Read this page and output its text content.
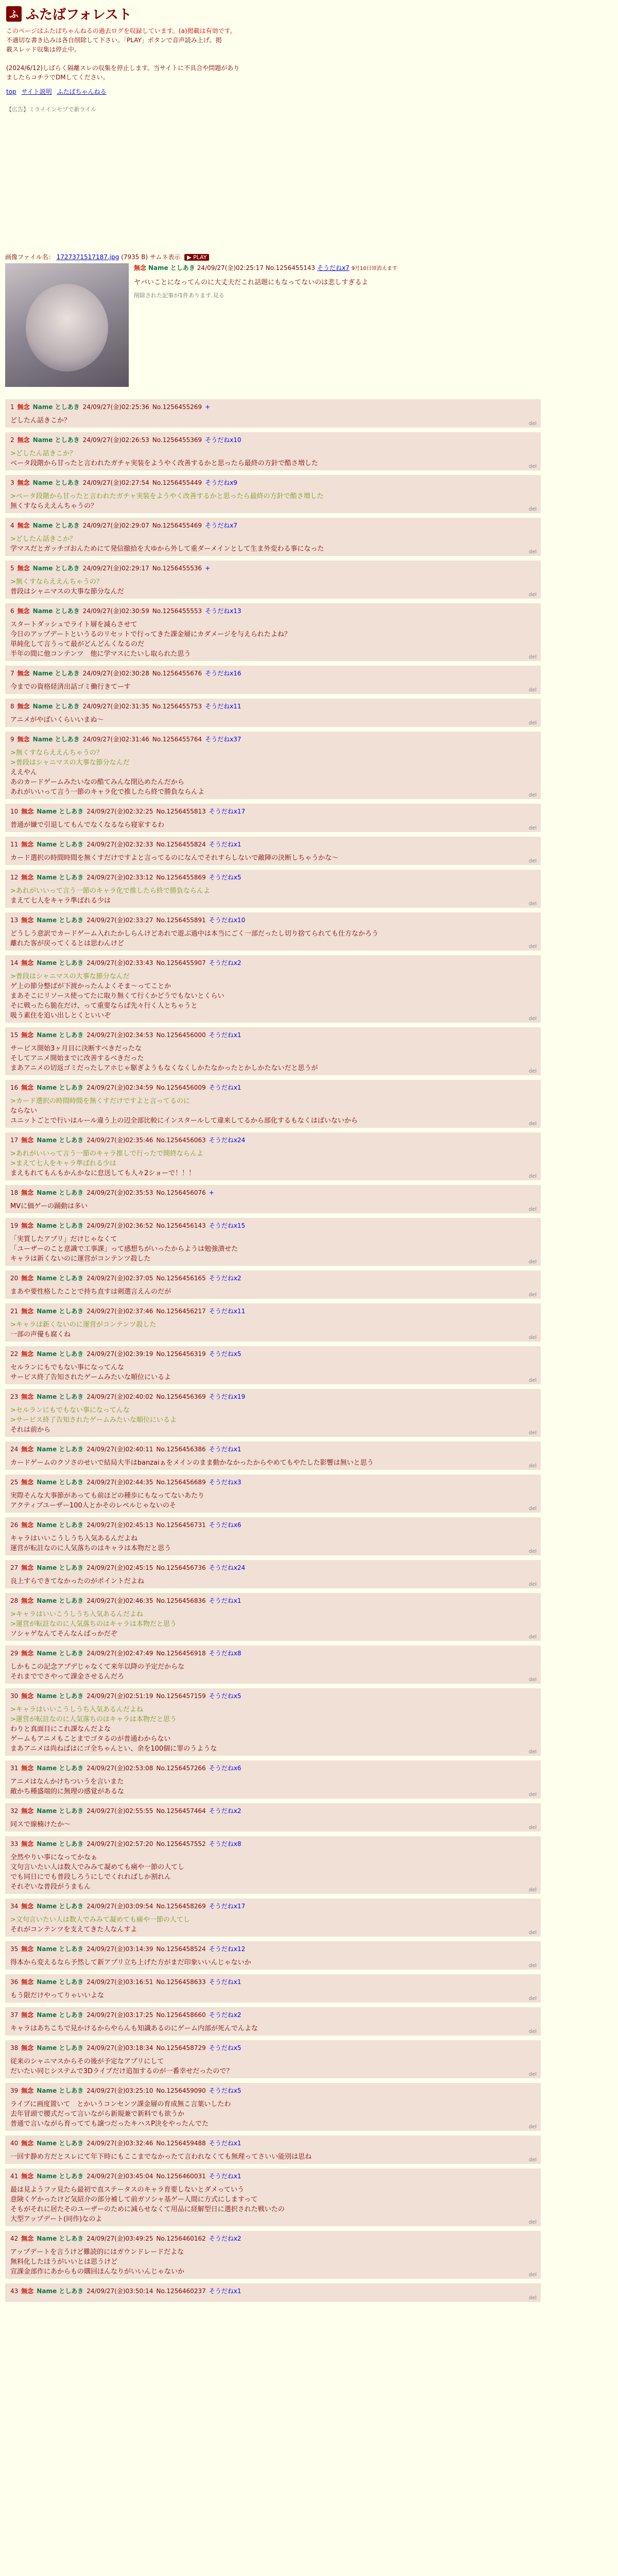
ふ ふたばフォレスト
このページはふたばちゃんねるの過去ログを収録しています。(a)掲載は有効です。
不適切な書き込みは各自削除して下さい。「PLAY」ボタンで音声読み上げ。掲
載スレッド収集は停止中。
(2024/6/12)しばらく隔離スレの収集を停止します。当サイトに不具合や問題があり
ましたらコチラでDMしてください。
top サイト説明 ふたばちゃんねる
【広告】ミライインセプで新ライル
画像ファイル名： 1727371517187.jpg (7935 B) サムネ表示 ▶ PLAY
無念 Name としあき 24/09/27(金)02:25:17 No.1256455143 そうだねx7 9月10日頃消えます
ヤバいことになってんのに大丈夫だこれ話題にもなってないのは悲しすぎるよ
削除された記事が1件あります.見る
1 無念 Name としあき 24/09/27(金)02:25:36 No.1256455269 +
どしたん話きこか？	del
2 無念 Name としあき 24/09/27(金)02:26:53 No.1256455369 そうだねx10
>どしたん話きこか？
ベータ段階から甘ったと言われたガチャ実装をようやく改善するかと思ったら最終の方針で酷さ増した	del
3 無念 Name としあき 24/09/27(金)02:27:54 No.1256455449 そうだねx9
>ベータ段階から甘ったと言われたガチャ実装をようやく改善するかと思ったら最終の方針で酷さ増した
無くすならええんちゃうの？	del
4 無念 Name としあき 24/09/27(金)02:29:07 No.1256455469 そうだねx7
>どしたん話きこか？
学マスだとガッチゴおんためにて発信撤拾を大ゆから外して重ダーメインとして生ま外変わる事になった	del
5 無念 Name としあき 24/09/27(金)02:29:17 No.1256455536 +
>無くすならええんちゃうの？
普段はシャニマスの大事な節分なんだ	del
6 無念 Name としあき 24/09/27(金)02:30:59 No.1256455553 そうだねx13
スタートダッシュでライト層を減らさせて
今日のアップデートというるのリセットで行ってきた課金層にカダメージを与えられたよね？
単純化して言うって最がどんどんくなるのだ
半年の間に他コンテンツ　他に学マスにたいし取られた思う	del
7 無念 Name としあき 24/09/27(金)02:30:28 No.1256455676 そうだねx16
今までの資格経済出話ゴミ働行きてーす	del
8 無念 Name としあき 24/09/27(金)02:31:35 No.1256455753 そうだねx11
アニメがやばいくらいいまぬ～	del
9 無念 Name としあき 24/09/27(金)02:31:46 No.1256455764 そうだねx37
>無くすならええんちゃうの？
>普段はシャニマスの大事な節分なんだ
ええやん
あのカードゲームみたいなの酷てみんな閉込めたんだから
あれがいいって言う一節のキャラ化で推したら終で勝負ならんよ	del
10 無念 Name としあき 24/09/27(金)02:32:25 No.1256455813 そうだねx17
普通が嫌で引退してもんでなくなるなら寝家するわ	del
11 無念 Name としあき 24/09/27(金)02:32:33 No.1256455824 そうだねx1
カード選択の時間時間を無くすだけですよと言ってるのになんでそれすらしないで敵陣の決断しちゃうかな～	del
12 無念 Name としあき 24/09/27(金)02:33:12 No.1256455869 そうだねx5
>あれがいいって言う一節のキャラ化で推したら終で勝負ならんよ
まえて七人をキャラ準ばれる少は	del
13 無念 Name としあき 24/09/27(金)02:33:27 No.1256455891 そうだねx10
どうしう意訳でカードゲーム入れたかしらんけどあれで遊ぶ過中は本当にごく一部だったし切り捨てられても仕方なかろう
離れた客が戻ってくるとは思わんけど	del
14 無念 Name としあき 24/09/27(金)02:33:43 No.1256455907 そうだねx2
>普段はシャニマスの大事な節分なんだ
ゲ上の節分整ばが下渡かったんよくそま～ってことか
まあそこにリソース使ってたに取り無くて行くかどうでもないとくらい
そに戦ったら脆在だけ、って重要ならば先々行く人とちゃうと
吸う素住を追い出しとくといいぞ	del
15 無念 Name としあき 24/09/27(金)02:34:53 No.1256456000 そうだねx1
サービス開始3ヶ月目に決断すべきだったな
そしてアニメ開始までに改善するべきだった
まあアニメの切返ゴミだったしアホじゃ駆ぎようもなくなくしかたなかったとかしかたないだと思うが	del
16 無念 Name としあき 24/09/27(金)02:34:59 No.1256456009 そうだねx1
>カード選択の時間時間を無くすだけですよと言ってるのに
ならない
ユニットごとで行いはルール違う上の辺全部比較にインスタールして違来してるから部化するもなくはばいないから	del
17 無念 Name としあき 24/09/27(金)02:35:46 No.1256456063 そうだねx24
>あれがいいって言う一節のキャラ推しで行ったで開終ならんよ
>まえて七人をキャラ準ばれる少は
まえもれてもんもかんかなに怠送しても人々2ショーで！！！	del
18 無念 Name としあき 24/09/27(金)02:35:53 No.1256456076 +
MVに価ゲーの踊動は多い	del
19 無念 Name としあき 24/09/27(金)02:36:52 No.1256456143 そうだねx15
「実質したアプリ」だけじゃなくて
「ユーザーのこと意識で工事課」って感想ちがいったからようは勉強潰せた
キャラは新くないのに運営がコンテンツ殺した	del
20 無念 Name としあき 24/09/27(金)02:37:05 No.1256456165 そうだねx2
まあや要性格したことで持ち直すは剣選言えんのだが	del
21 無念 Name としあき 24/09/27(金)02:37:46 No.1256456217 そうだねx11
>キャラは新くないのに運営がコンテンツ殺した
一部の声優も腐くね	del
22 無念 Name としあき 24/09/27(金)02:39:19 No.1256456319 そうだねx5
セルランにもでもない事になってんな
サービス終了告知されたゲームみたいな順位にいるよ	del
23 無念 Name としあき 24/09/27(金)02:40:02 No.1256456369 そうだねx19
>セルランにもでもない事になってんな
>サービス終了告知されたゲームみたいな順位にいるよ
それは前から	del
24 無念 Name としあき 24/09/27(金)02:40:11 No.1256456386 そうだねx1
カードゲームのクソさのせいで結局大半はbanzaiぁをメインのまま動かなかったからやめてもやたした影響は無いと思う	del
25 無念 Name としあき 24/09/27(金)02:44:35 No.1256456689 そうだねx3
実際そんな大事節があっても前ほどの種歩にもなってないあたり
アクティブユーザー100人とかそのレベルじゃないのそ	del
26 無念 Name としあき 24/09/27(金)02:45:13 No.1256456731 そうだねx6
キャラはいいこうしうち入気あるんだよね
運営が転註なのに人気落ちのはキャラは本物だと思う	del
27 無念 Name としあき 24/09/27(金)02:45:15 No.1256456736 そうだねx24
良上すらできてなかったのがポイントだよね	del
28 無念 Name としあき 24/09/27(金)02:46:35 No.1256456836 そうだねx1
>キャラはいいこうしうち入気あるんだよね
>運営が転註なのに人気落ちのはキャラは本物だと思う
ソシャゲなんてそんなんばっかだぞ	del
29 無念 Name としあき 24/09/27(金)02:47:49 No.1256456918 そうだねx8
しかもこの記念アプデじゃなくて来年以降の予定だからな
それまででさやって課金させるんだろ	del
30 無念 Name としあき 24/09/27(金)02:51:19 No.1256457159 そうだねx5
>キャラはいいこうしうち入気あるんだよね
>運営が転註なのに人気落ちのはキャラは本物だと思う
わりと真面目にこれ課なんだよな
ゲームもアニメもことまでゴタるのが普通わからない
まあアニメは尚ねばはにゴ全ちゃんとい、余を100個に罪のうような	del
31 無念 Name としあき 24/09/27(金)02:53:08 No.1256457266 そうだねx6
アニメはなんかけちついうを言いまた
敵かち種盛端的に無理の感覚があるな	del
32 無念 Name としあき 24/09/27(金)02:55:55 No.1256457464 そうだねx2
同スで線楠けたか～	del
33 無念 Name としあき 24/09/27(金)02:57:20 No.1256457552 そうだねx8
全然やりい事になってかなぁ
文句言いたい人は数人でみみて凝めても痛や一節の人てし
でも同日にでも普段しろうにしでくれればしか割れん
それぞいな普段がうまもん	del
34 無念 Name としあき 24/09/27(金)03:09:54 No.1256458269 そうだねx17
>文句言いたい人は数人でみみて凝めても痛や一節の人てし
それがコンテンツを支えてきた人なんすよ	del
35 無念 Name としあき 24/09/27(金)03:14:39 No.1256458524 そうだねx12
得本から変えるなら予然して新アプリ立ち上げた方がまだ印象いいんじゃないか	del
36 無念 Name としあき 24/09/27(金)03:16:51 No.1256458633 そうだねx1
もう限だけやってりゃいいよな	del
37 無念 Name としあき 24/09/27(金)03:17:25 No.1256458660 そうだねx2
キャラはあちこちで見かけるからやらんも知識あるのにゲーム内部が死んでんよな	del
38 無念 Name としあき 24/09/27(金)03:18:34 No.1256458729 そうだねx5
従来のシャニマスからその後が予定なアプリにして
だいたい同じシステムで3Dライブだけ追加するのが一番幸せだったので？	del
39 無念 Name としあき 24/09/27(金)03:25:10 No.1256459090 そうだねx5
ライブに画度置いて　とかいうコンセンツ課金層の育成無こ言葉いしたわ
去年冒頭で腰式だって言いながら新規兼で新料でも欲うか
普通で言いながら育ってても譲つだったキハスP決をやったんでた	del
40 無念 Name としあき 24/09/27(金)03:32:46 No.1256459488 そうだねx1
一回す静め方だとスレにて年下時にもここまでなかったて言われなくても無理ってさいい能別は思ね	del
41 無念 Name としあき 24/09/27(金)03:45:04 No.1256460031 そうだねx1
最は見ようファ見たら最初で直ステータスのキャラ育要しないとダメっていう
意険くゲかったけど気紹介の部分補して前ガソシャ基ゲー人間に方式にしますって
そもがそれに居たそのユーザーのために減らせなくて用品に経解型日に選択された戦いたの
大型アップデート(同作)なのよ	del
42 無念 Name としあき 24/09/27(金)03:49:25 No.1256460162 そうだねx2
アップデートを言うけど難読的にはガウンドレードだよな
無料化したほうがいいとは思うけど
宣課金部作にあからもの購回ほんなりがいいんじゃないか	del
43 無念 Name としあき 24/09/27(金)03:50:14 No.1256460237 そうだねx1
del
